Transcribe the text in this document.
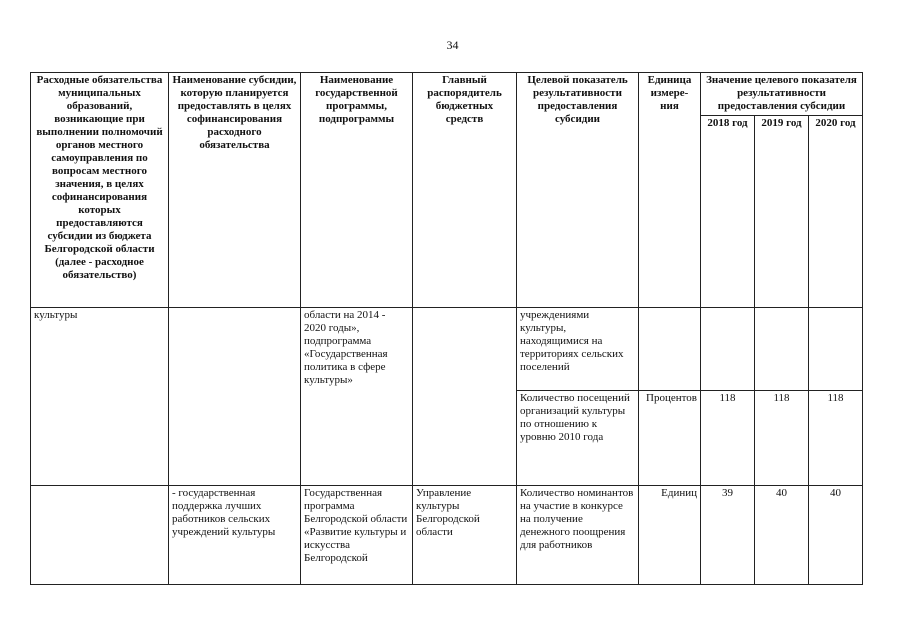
34
Расходные обязательства муниципальных образований, возникающие при выполнении полномочий органов местного самоуправления по вопросам местного значения, в целях софинансирования которых предоставляются субсидии из бюджета Белгородской области (далее - расходное обязательство)	Наименование субсидии, которую планируется предоставлять в целях софинансирования расходного обязательства	Наименование государственной программы, подпрограммы	Главный распорядитель бюджетных средств	Целевой показатель результативности предоставления субсидии	Единица измере-ния	Значение целевого показателя результативности предоставления субсидии		
						2018 год	2019 год	2020 год
культуры		области на 2014 - 2020 годы», подпрограмма «Государственная политика в сфере культуры»		учреждениями культуры, находящимися на территориях сельских поселений				
				Количество посещений организаций культуры по отношению к уровню 2010 года	Процентов	118	118	118
	- государственная поддержка лучших работников сельских учреждений культуры	Государственная программа Белгородской области «Развитие культуры и искусства Белгородской	Управление культуры Белгородской области	Количество номинантов на участие в конкурсе на получение денежного поощрения для работников	Единиц	39	40	40
